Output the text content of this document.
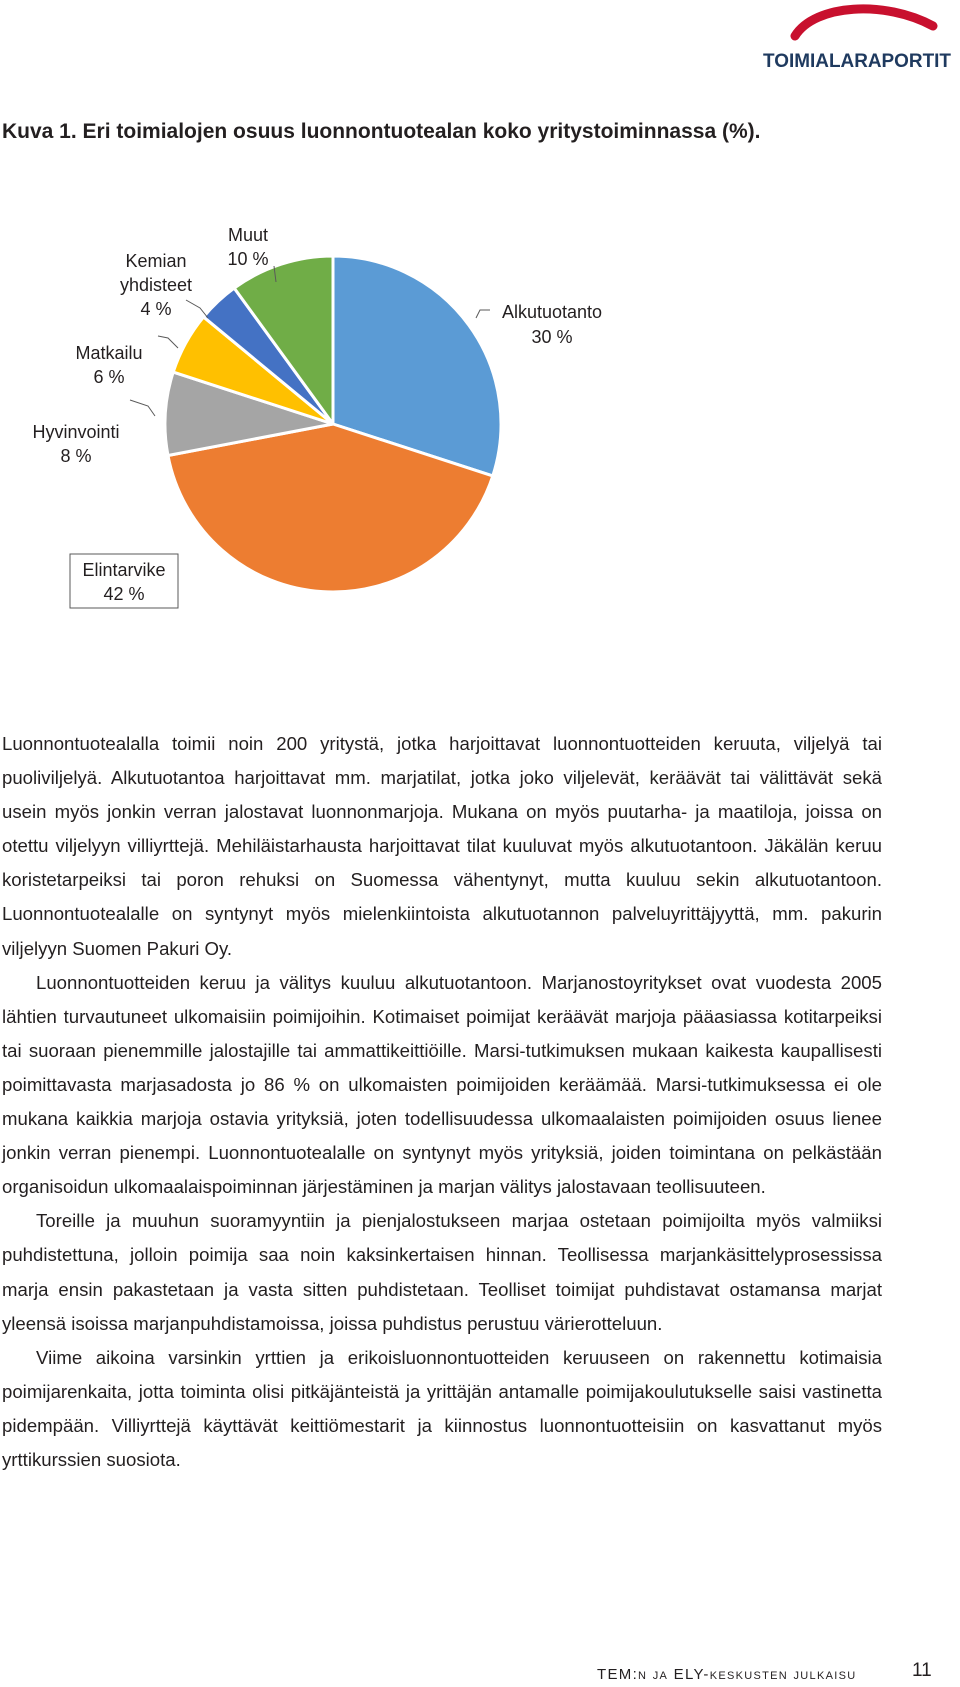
TOIMIALARAPORTIT
Kuva 1. Eri toimialojen osuus luonnontuotealan koko yritystoiminnassa (%).
Alkutuotanto
30 %
Elintarvike
42 %
Hyvinvointi
8 %
Matkailu
6 %
Kemian
yhdisteet
4 %
Muut
10 %

Luonnontuotealalla toimii noin 200 yritystä, jotka harjoittavat luonnontuotteiden keruuta, viljelyä tai puoliviljelyä. Alkutuotantoa harjoittavat mm. marjatilat, jotka joko viljelevät, keräävät tai välittävät sekä usein myös jonkin verran jalostavat luonnonmarjoja. Mukana on myös puutarha- ja maatiloja, joissa on otettu viljelyyn villiyrttejä. Mehiläistarhausta harjoittavat tilat kuuluvat myös alkutuotantoon. Jäkälän keruu koristetarpeiksi tai poron rehuksi on Suomessa vähentynyt, mutta kuuluu sekin alkutuotantoon. Luonnontuotealalle on syntynyt myös mielenkiintoista alkutuotannon palveluyrittäjyyttä, mm. pakurin viljelyyn Suomen Pakuri Oy.

Luonnontuotteiden keruu ja välitys kuuluu alkutuotantoon. Marjanostoyritykset ovat vuodesta 2005 lähtien turvautuneet ulkomaisiin poimijoihin. Kotimaiset poimijat keräävät marjoja pääasiassa kotitarpeiksi tai suoraan pienemmille jalostajille tai ammattikeittiöille. Marsi-tutkimuksen mukaan kaikesta kaupallisesti poimittavasta marjasadosta jo 86 % on ulkomaisten poimijoiden keräämää. Marsi-tutkimuksessa ei ole mukana kaikkia marjoja ostavia yrityksiä, joten todellisuudessa ulkomaalaisten poimijoiden osuus lienee jonkin verran pienempi. Luonnontuotealalle on syntynyt myös yrityksiä, joiden toimintana on pelkästään organisoidun ulkomaalaispoiminnan järjestäminen ja marjan välitys jalostavaan teollisuuteen.

Toreille ja muuhun suoramyyntiin ja pienjalostukseen marjaa ostetaan poimijoilta myös valmiiksi puhdistettuna, jolloin poimija saa noin kaksinkertaisen hinnan. Teollisessa marjankäsittelyprosessissa marja ensin pakastetaan ja vasta sitten puhdistetaan. Teolliset toimijat puhdistavat ostamansa marjat yleensä isoissa marjanpuhdistamoissa, joissa puhdistus perustuu värierotteluun.

Viime aikoina varsinkin yrttien ja erikoisluonnontuotteiden keruuseen on rakennettu kotimaisia poimijarenkaita, jotta toiminta olisi pitkäjänteistä ja yrittäjän antamalle poimijakoulutukselle saisi vastinetta pidempään. Villiyrttejä käyttävät keittiömestarit ja kiinnostus luonnontuotteisiin on kasvattanut myös yrttikurssien suosiota.

TEM:n ja ELY-keskusten julkaisu	11
